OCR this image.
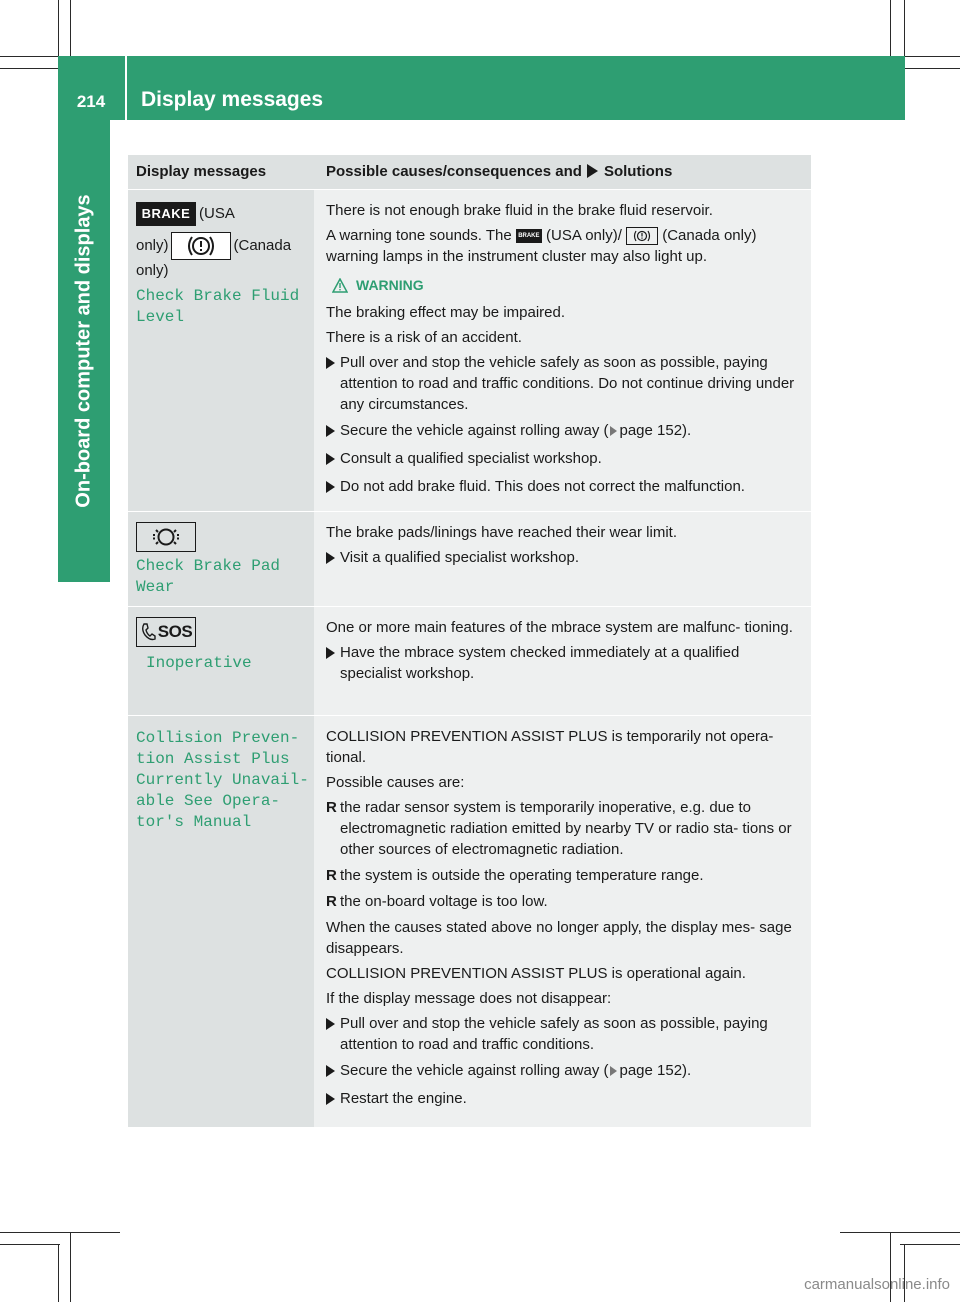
214	Display messages
On-board computer and displays
Display messages	Possible causes/consequences and Solutions
BRAKE (USA
only)	(Canada
only)
Check Brake Fluid
Level

There is not enough brake fluid in the brake fluid reservoir.

A warning tone sounds. The BRAKE (USA only)/	(Canada only) warning lamps in the instrument cluster may also light up.

WARNING

The braking effect may be impaired.

There is a risk of an accident.

Pull over and stop the vehicle safely as soon as possible, paying attention to road and traffic conditions. Do not continue driving under any circumstances.
Secure the vehicle against rolling away ( page 152).
Consult a qualified specialist workshop.
Do not add brake fluid. This does not correct the malfunction.
Check Brake Pad
Wear

The brake pads/linings have reached their wear limit.

Visit a qualified specialist workshop.
SOS
Inoperative

One or more main features of the mbrace system are malfunc- tioning.

Have the mbrace system checked immediately at a qualified specialist workshop.
Collision Preven‐
tion Assist Plus
Currently Unavail‐
able See Opera‐
tor's Manual

COLLISION PREVENTION ASSIST PLUS is temporarily not opera- tional.

Possible causes are:

R the radar sensor system is temporarily inoperative, e.g. due to electromagnetic radiation emitted by nearby TV or radio sta- tions or other sources of electromagnetic radiation.
R the system is outside the operating temperature range.
R the on-board voltage is too low.

When the causes stated above no longer apply, the display mes- sage disappears.

COLLISION PREVENTION ASSIST PLUS is operational again.

If the display message does not disappear:

Pull over and stop the vehicle safely as soon as possible, paying attention to road and traffic conditions.
Secure the vehicle against rolling away ( page 152).
Restart the engine.
carmanualsonline.info
